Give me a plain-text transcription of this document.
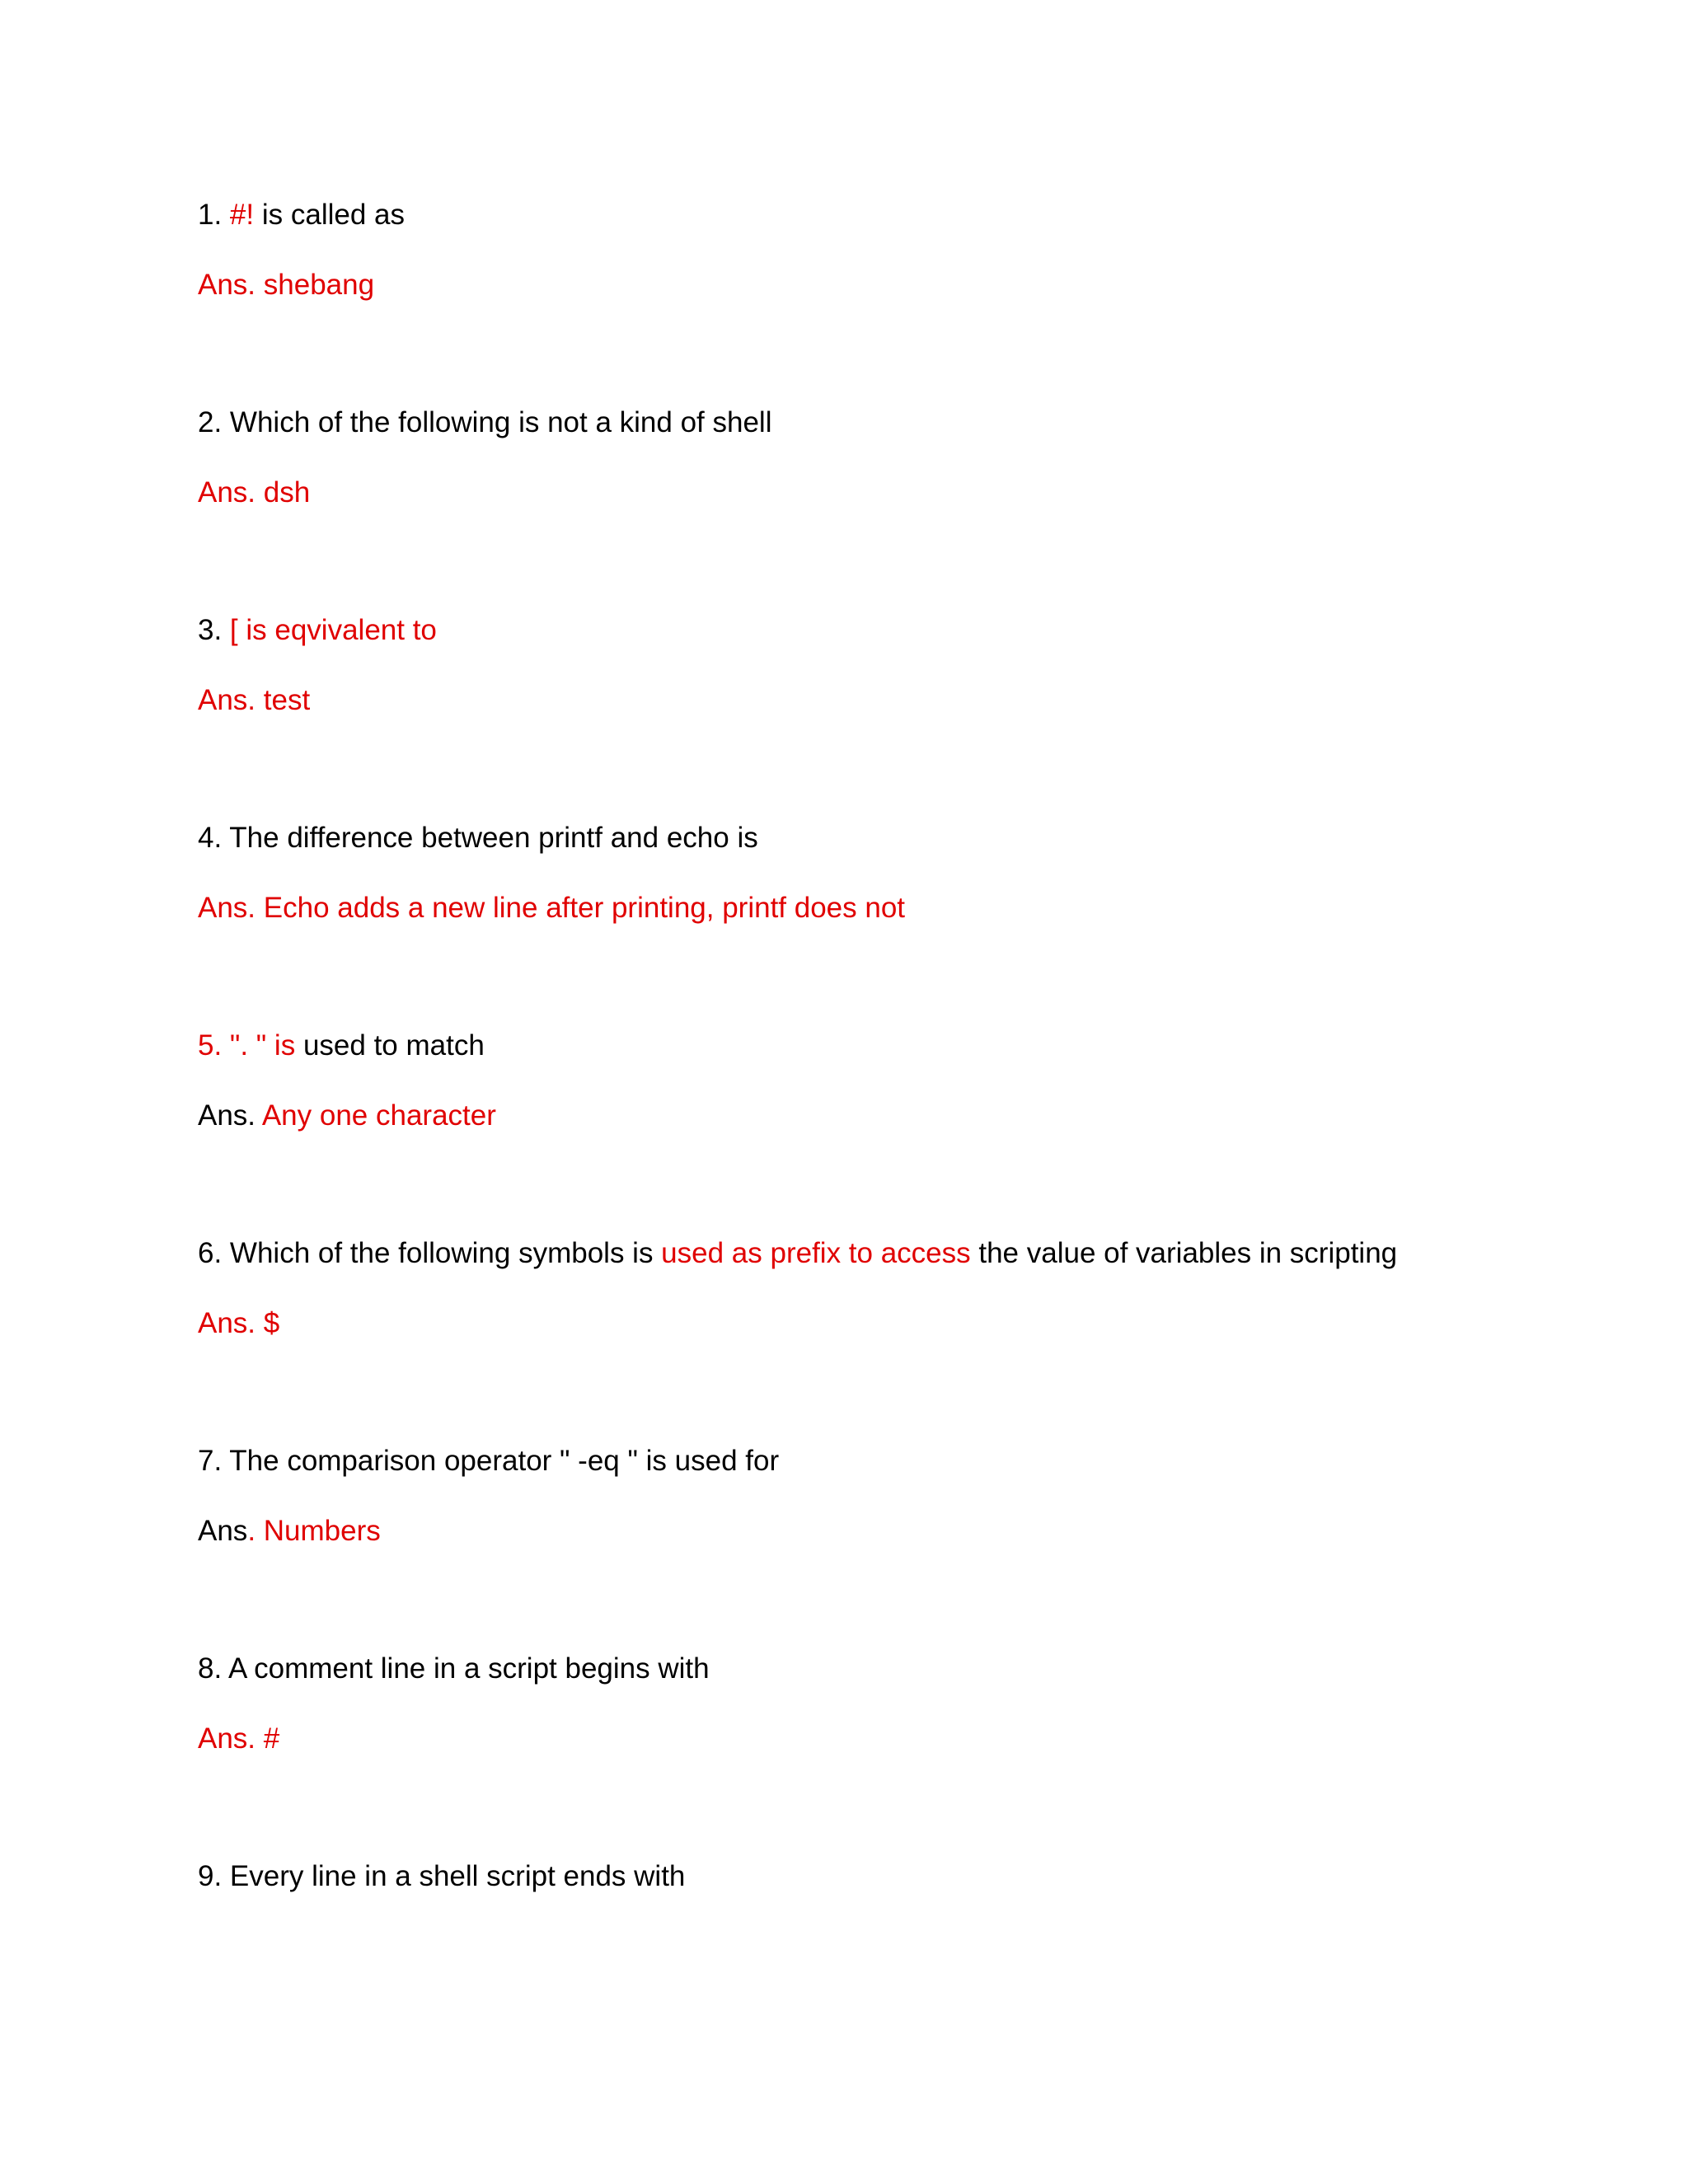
1. #! is called as

Ans. shebang

2. Which of the following is not a kind of shell

Ans. dsh

3. [ is eqvivalent to

Ans. test

4. The difference between printf and echo is

Ans. Echo adds a new line after printing, printf does not

5. ". " is used to match

Ans. Any one character

6. Which of the following symbols is used as prefix to access the value of variables in scripting

Ans. $

7. The comparison operator " -eq " is used for

Ans. Numbers

8. A comment line in a script begins with

Ans. #

9. Every line in a shell script ends with
